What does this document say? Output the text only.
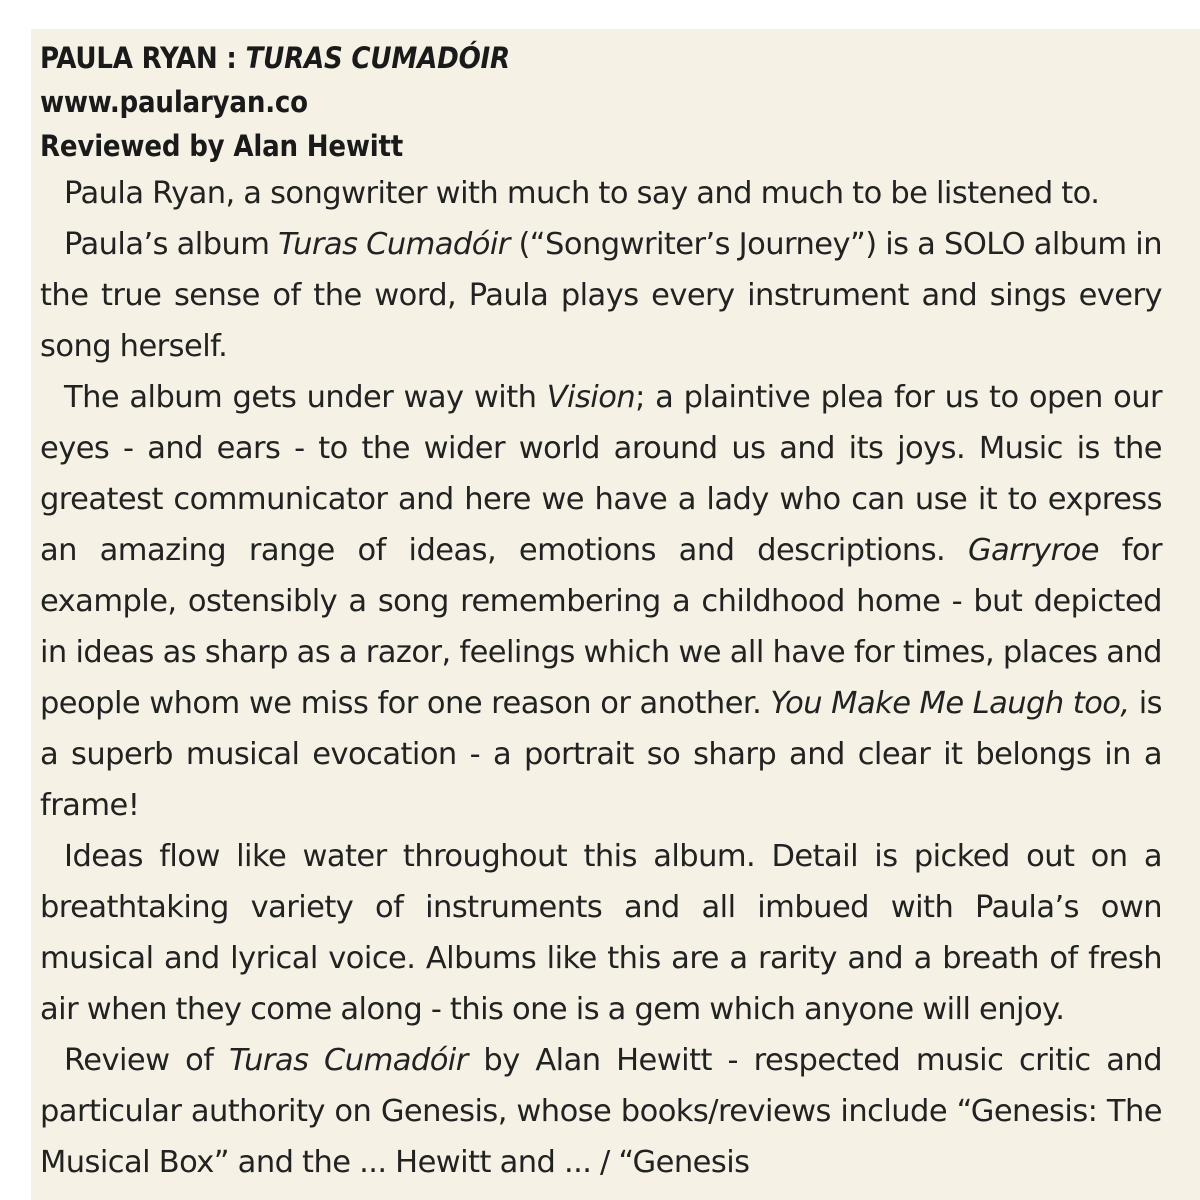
PAULA RYAN : TURAS CUMADÓIR
www.paularyan.co
Reviewed by Alan Hewitt

Paula Ryan, a songwriter with much to say and much to be listened to.

Paula’s album Turas Cumadóir (“Songwriter’s Journey”) is a SOLO album in the true sense of the word, Paula plays every instrument and sings every song herself.

The album gets under way with Vision; a plaintive plea for us to open our eyes - and ears - to the wider world around us and its joys. Music is the greatest communicator and here we have a lady who can use it to express an amazing range of ideas, emotions and descriptions. Garryroe for example, ostensibly a song remembering a childhood home - but depicted in ideas as sharp as a razor, feelings which we all have for times, places and people whom we miss for one reason or another. You Make Me Laugh too, is a superb musical evocation - a portrait so sharp and clear it belongs in a frame!

Ideas flow like water throughout this album. Detail is picked out on a breathtaking variety of instruments and all imbued with Paula’s own musical and lyrical voice. Albums like this are a rarity and a breath of fresh air when they come along - this one is a gem which anyone will enjoy.

Review of Turas Cumadóir by Alan Hewitt - respected music critic and particular authority on Genesis, whose books/reviews include “Genesis: The Musical Box” and the ... Hewitt and ... / “Genesis
